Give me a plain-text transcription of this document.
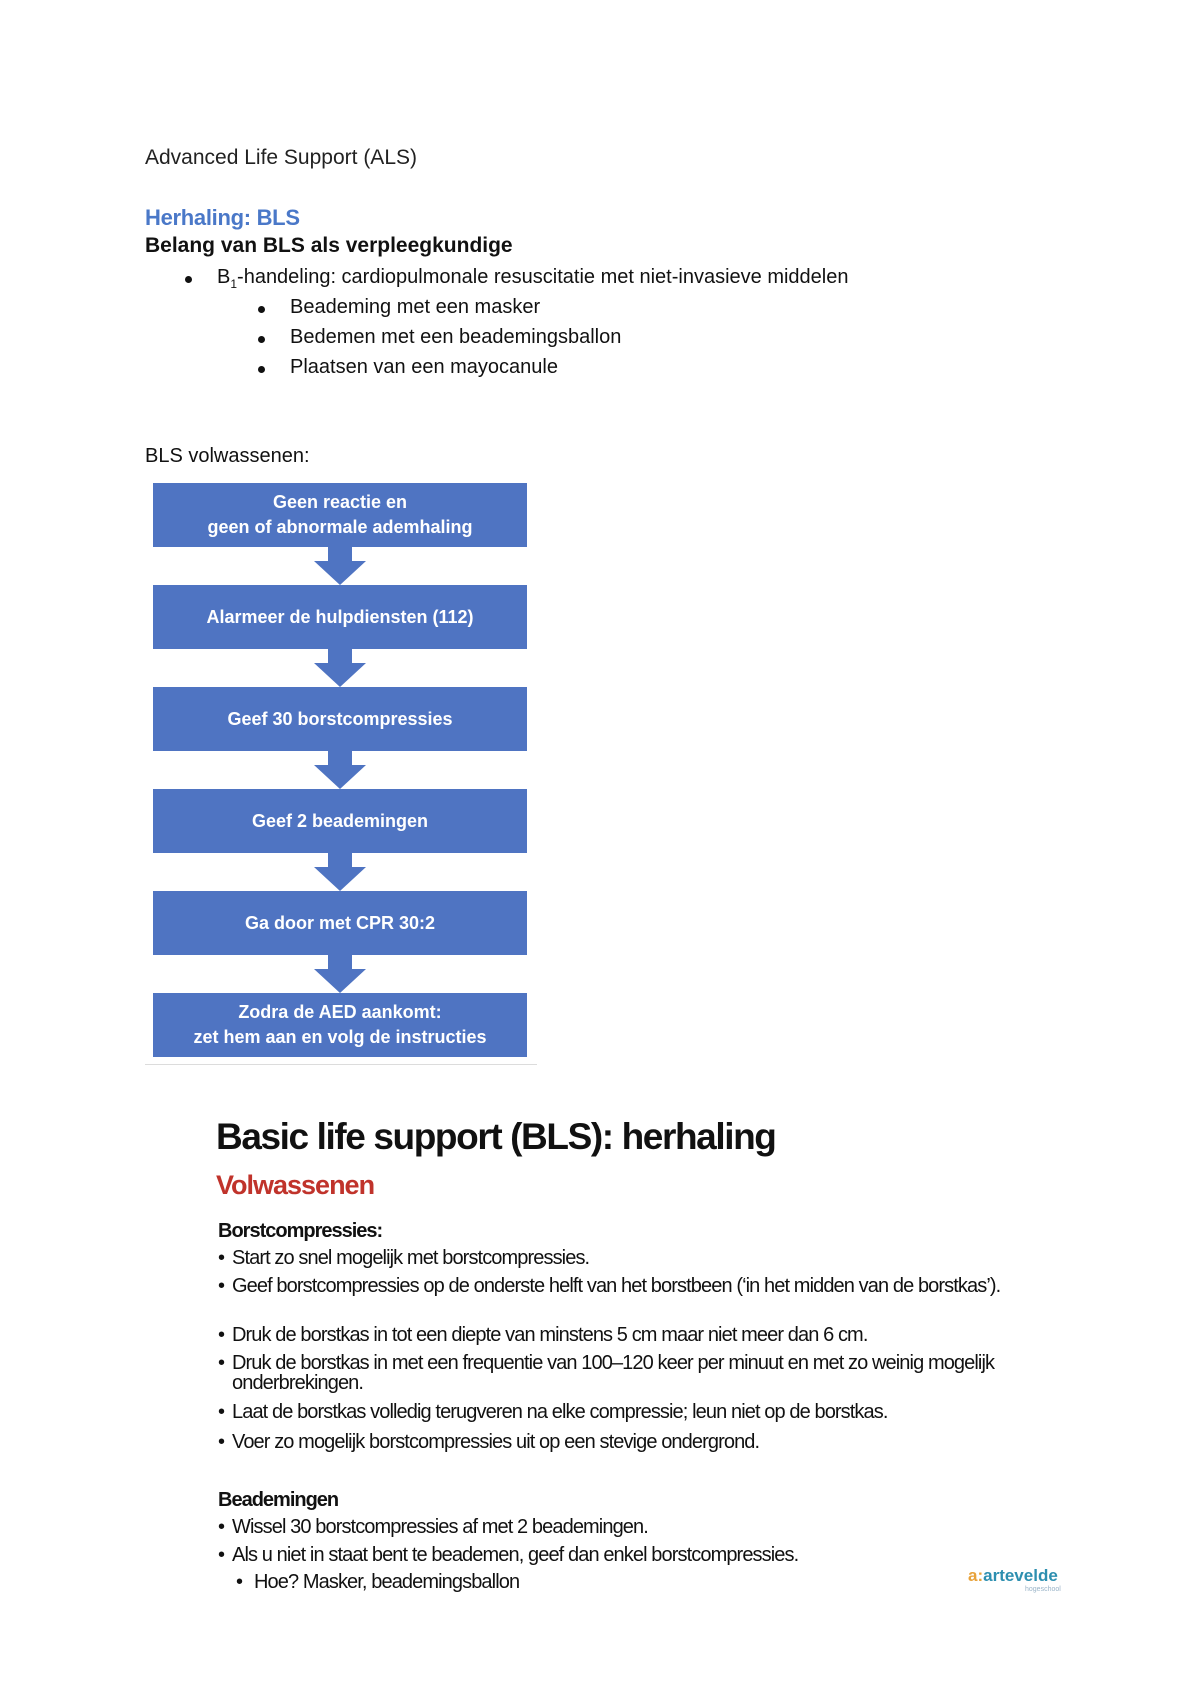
Advanced Life Support (ALS)
Herhaling: BLS
Belang van BLS als verpleegkundige
$B_1$-handeling: cardiopulmonale resuscitatie met niet-invasieve middelen
Beademing met een masker
Bedemen met een beademingsballon
Plaatsen van een mayocanule
BLS volwassenen:
Geen reactie en
geen of abnormale ademhaling
Alarmeer de hulpdiensten (112)
Geef 30 borstcompressies
Geef 2 beademingen
Ga door met CPR 30:2
Zodra de AED aankomt:
zet hem aan en volg de instructies
Basic life support (BLS): herhaling
Volwassenen
Borstcompressies:
• Start zo snel mogelijk met borstcompressies.
• Geef borstcompressies op de onderste helft van het borstbeen (‘in het midden van de borstkas’).
• Druk de borstkas in tot een diepte van minstens 5 cm maar niet meer dan 6 cm.
• Druk de borstkas in met een frequentie van 100–120 keer per minuut en met zo weinig mogelijk onderbrekingen.
• Laat de borstkas volledig terugveren na elke compressie; leun niet op de borstkas.
• Voer zo mogelijk borstcompressies uit op een stevige ondergrond.
Beademingen
• Wissel 30 borstcompressies af met 2 beademingen.
• Als u niet in staat bent te beademen, geef dan enkel borstcompressies.
• Hoe? Masker, beademingsballon	a:artevelde
hogeschool
